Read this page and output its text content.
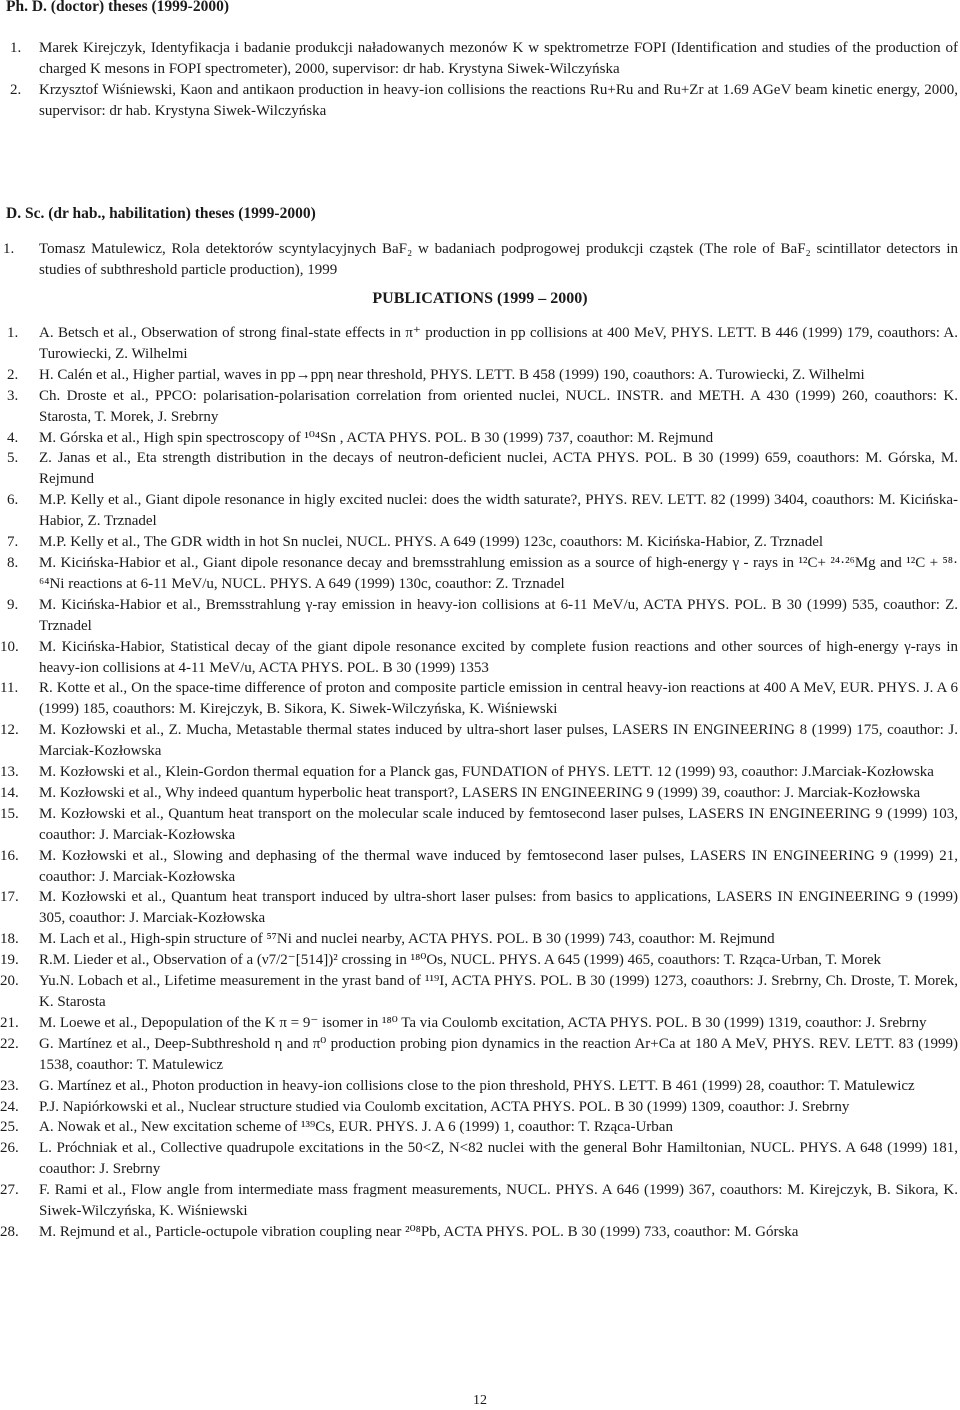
Ph. D. (doctor) theses (1999-2000)
1.	Marek Kirejczyk, Identyfikacja i badanie produkcji naładowanych mezonów K w spektrometrze FOPI (Identification and studies of the production of charged K mesons in FOPI spectrometer), 2000, supervisor: dr hab. Krystyna Siwek-Wilczyńska
2.	Krzysztof Wiśniewski, Kaon and antikaon production in heavy-ion collisions the reactions Ru+Ru and Ru+Zr at 1.69 AGeV beam kinetic energy, 2000, supervisor: dr hab. Krystyna Siwek-Wilczyńska
D. Sc. (dr hab., habilitation) theses (1999-2000)
1.	Tomasz Matulewicz, Rola detektorów scyntylacyjnych BaF₂ w badaniach podprogowej produkcji cząstek (The role of BaF₂ scintillator detectors in studies of subthreshold particle production), 1999
PUBLICATIONS (1999 – 2000)
1.	A. Betsch et al., Obserwation of strong final-state effects in π⁺ production in pp collisions at 400 MeV, PHYS. LETT. B 446 (1999) 179, coauthors: A. Turowiecki, Z. Wilhelmi
2.	H. Calén et al., Higher partial, waves in pp→ppη near threshold, PHYS. LETT. B 458 (1999) 190, coauthors: A. Turowiecki, Z. Wilhelmi
3.	Ch. Droste et al., PPCO: polarisation-polarisation correlation from oriented nuclei, NUCL. INSTR. and METH. A 430 (1999) 260, coauthors: K. Starosta, T. Morek, J. Srebrny
4.	M. Górska et al., High spin spectroscopy of ¹⁰⁴Sn , ACTA PHYS. POL. B 30 (1999) 737, coauthor: M. Rejmund
5.	Z. Janas et al., Eta strength distribution in the decays of neutron-deficient nuclei, ACTA PHYS. POL. B 30 (1999) 659, coauthors: M. Górska, M. Rejmund
6.	M.P. Kelly et al., Giant dipole resonance in higly excited nuclei: does the width saturate?, PHYS. REV. LETT. 82 (1999) 3404, coauthors: M. Kicińska-Habior, Z. Trznadel
7.	M.P. Kelly et al., The GDR width in hot Sn nuclei, NUCL. PHYS. A 649 (1999) 123c, coauthors: M. Kicińska-Habior, Z. Trznadel
8.	M. Kicińska-Habior et al., Giant dipole resonance decay and bremsstrahlung emission as a source of high-energy γ - rays in ¹²C+ ²⁴·²⁶Mg and ¹²C + ⁵⁸· ⁶⁴Ni reactions at 6-11 MeV/u, NUCL. PHYS. A 649 (1999) 130c, coauthor: Z. Trznadel
9.	M. Kicińska-Habior et al., Bremsstrahlung γ-ray emission in heavy-ion collisions at 6-11 MeV/u, ACTA PHYS. POL. B 30 (1999) 535, coauthor: Z. Trznadel
10.	M. Kicińska-Habior, Statistical decay of the giant dipole resonance excited by complete fusion reactions and other sources of high-energy γ-rays in heavy-ion collisions at 4-11 MeV/u, ACTA PHYS. POL. B 30 (1999) 1353
11.	R. Kotte et al., On the space-time difference of proton and composite particle emission in central heavy-ion reactions at 400 A MeV, EUR. PHYS. J. A 6 (1999) 185, coauthors: M. Kirejczyk, B. Sikora, K. Siwek-Wilczyńska, K. Wiśniewski
12.	M. Kozłowski et al., Z. Mucha, Metastable thermal states induced by ultra-short laser pulses, LASERS IN ENGINEERING 8 (1999) 175, coauthor: J. Marciak-Kozłowska
13.	M. Kozłowski et al., Klein-Gordon thermal equation for a Planck gas, FUNDATION of PHYS. LETT. 12 (1999) 93, coauthor: J.Marciak-Kozłowska
14.	M. Kozłowski et al., Why indeed quantum hyperbolic heat transport?, LASERS IN ENGINEERING 9 (1999) 39, coauthor: J. Marciak-Kozłowska
15.	M. Kozłowski et al., Quantum heat transport on the molecular scale induced by femtosecond laser pulses, LASERS IN ENGINEERING 9 (1999) 103, coauthor: J. Marciak-Kozłowska
16.	M. Kozłowski et al., Slowing and dephasing of the thermal wave induced by femtosecond laser pulses, LASERS IN ENGINEERING 9 (1999) 21, coauthor: J. Marciak-Kozłowska
17.	M. Kozłowski et al., Quantum heat transport induced by ultra-short laser pulses: from basics to applications, LASERS IN ENGINEERING 9 (1999) 305, coauthor: J. Marciak-Kozłowska
18.	M. Lach et al., High-spin structure of ⁵⁷Ni and nuclei nearby, ACTA PHYS. POL. B 30 (1999) 743, coauthor: M. Rejmund
19.	R.M. Lieder et al., Observation of a (ν7/2⁻[514])² crossing in ¹⁸⁰Os, NUCL. PHYS. A 645 (1999) 465, coauthors: T. Rząca-Urban, T. Morek
20.	Yu.N. Lobach et al., Lifetime measurement in the yrast band of ¹¹⁹I, ACTA PHYS. POL. B 30 (1999) 1273, coauthors: J. Srebrny, Ch. Droste, T. Morek, K. Starosta
21.	M. Loewe et al., Depopulation of the K π = 9⁻ isomer in ¹⁸⁰ Ta via Coulomb excitation, ACTA PHYS. POL. B 30 (1999) 1319, coauthor: J. Srebrny
22.	G. Martínez et al., Deep-Subthreshold η and π⁰ production probing pion dynamics in the reaction Ar+Ca at 180 A MeV, PHYS. REV. LETT. 83 (1999) 1538, coauthor: T. Matulewicz
23.	G. Martínez et al., Photon production in heavy-ion collisions close to the pion threshold, PHYS. LETT. B 461 (1999) 28, coauthor: T. Matulewicz
24.	P.J. Napiórkowski et al., Nuclear structure studied via Coulomb excitation, ACTA PHYS. POL. B 30 (1999) 1309, coauthor: J. Srebrny
25.	A. Nowak et al., New excitation scheme of ¹³⁹Cs, EUR. PHYS. J. A 6 (1999) 1, coauthor: T. Rząca-Urban
26.	L. Próchniak et al., Collective quadrupole excitations in the 50<Z, N<82 nuclei with the general Bohr Hamiltonian, NUCL. PHYS. A 648 (1999) 181, coauthor: J. Srebrny
27.	F. Rami et al., Flow angle from intermediate mass fragment measurements, NUCL. PHYS. A 646 (1999) 367, coauthors: M. Kirejczyk, B. Sikora, K. Siwek-Wilczyńska, K. Wiśniewski
28.	M. Rejmund et al., Particle-octupole vibration coupling near ²⁰⁸Pb, ACTA PHYS. POL. B 30 (1999) 733, coauthor: M. Górska
12
